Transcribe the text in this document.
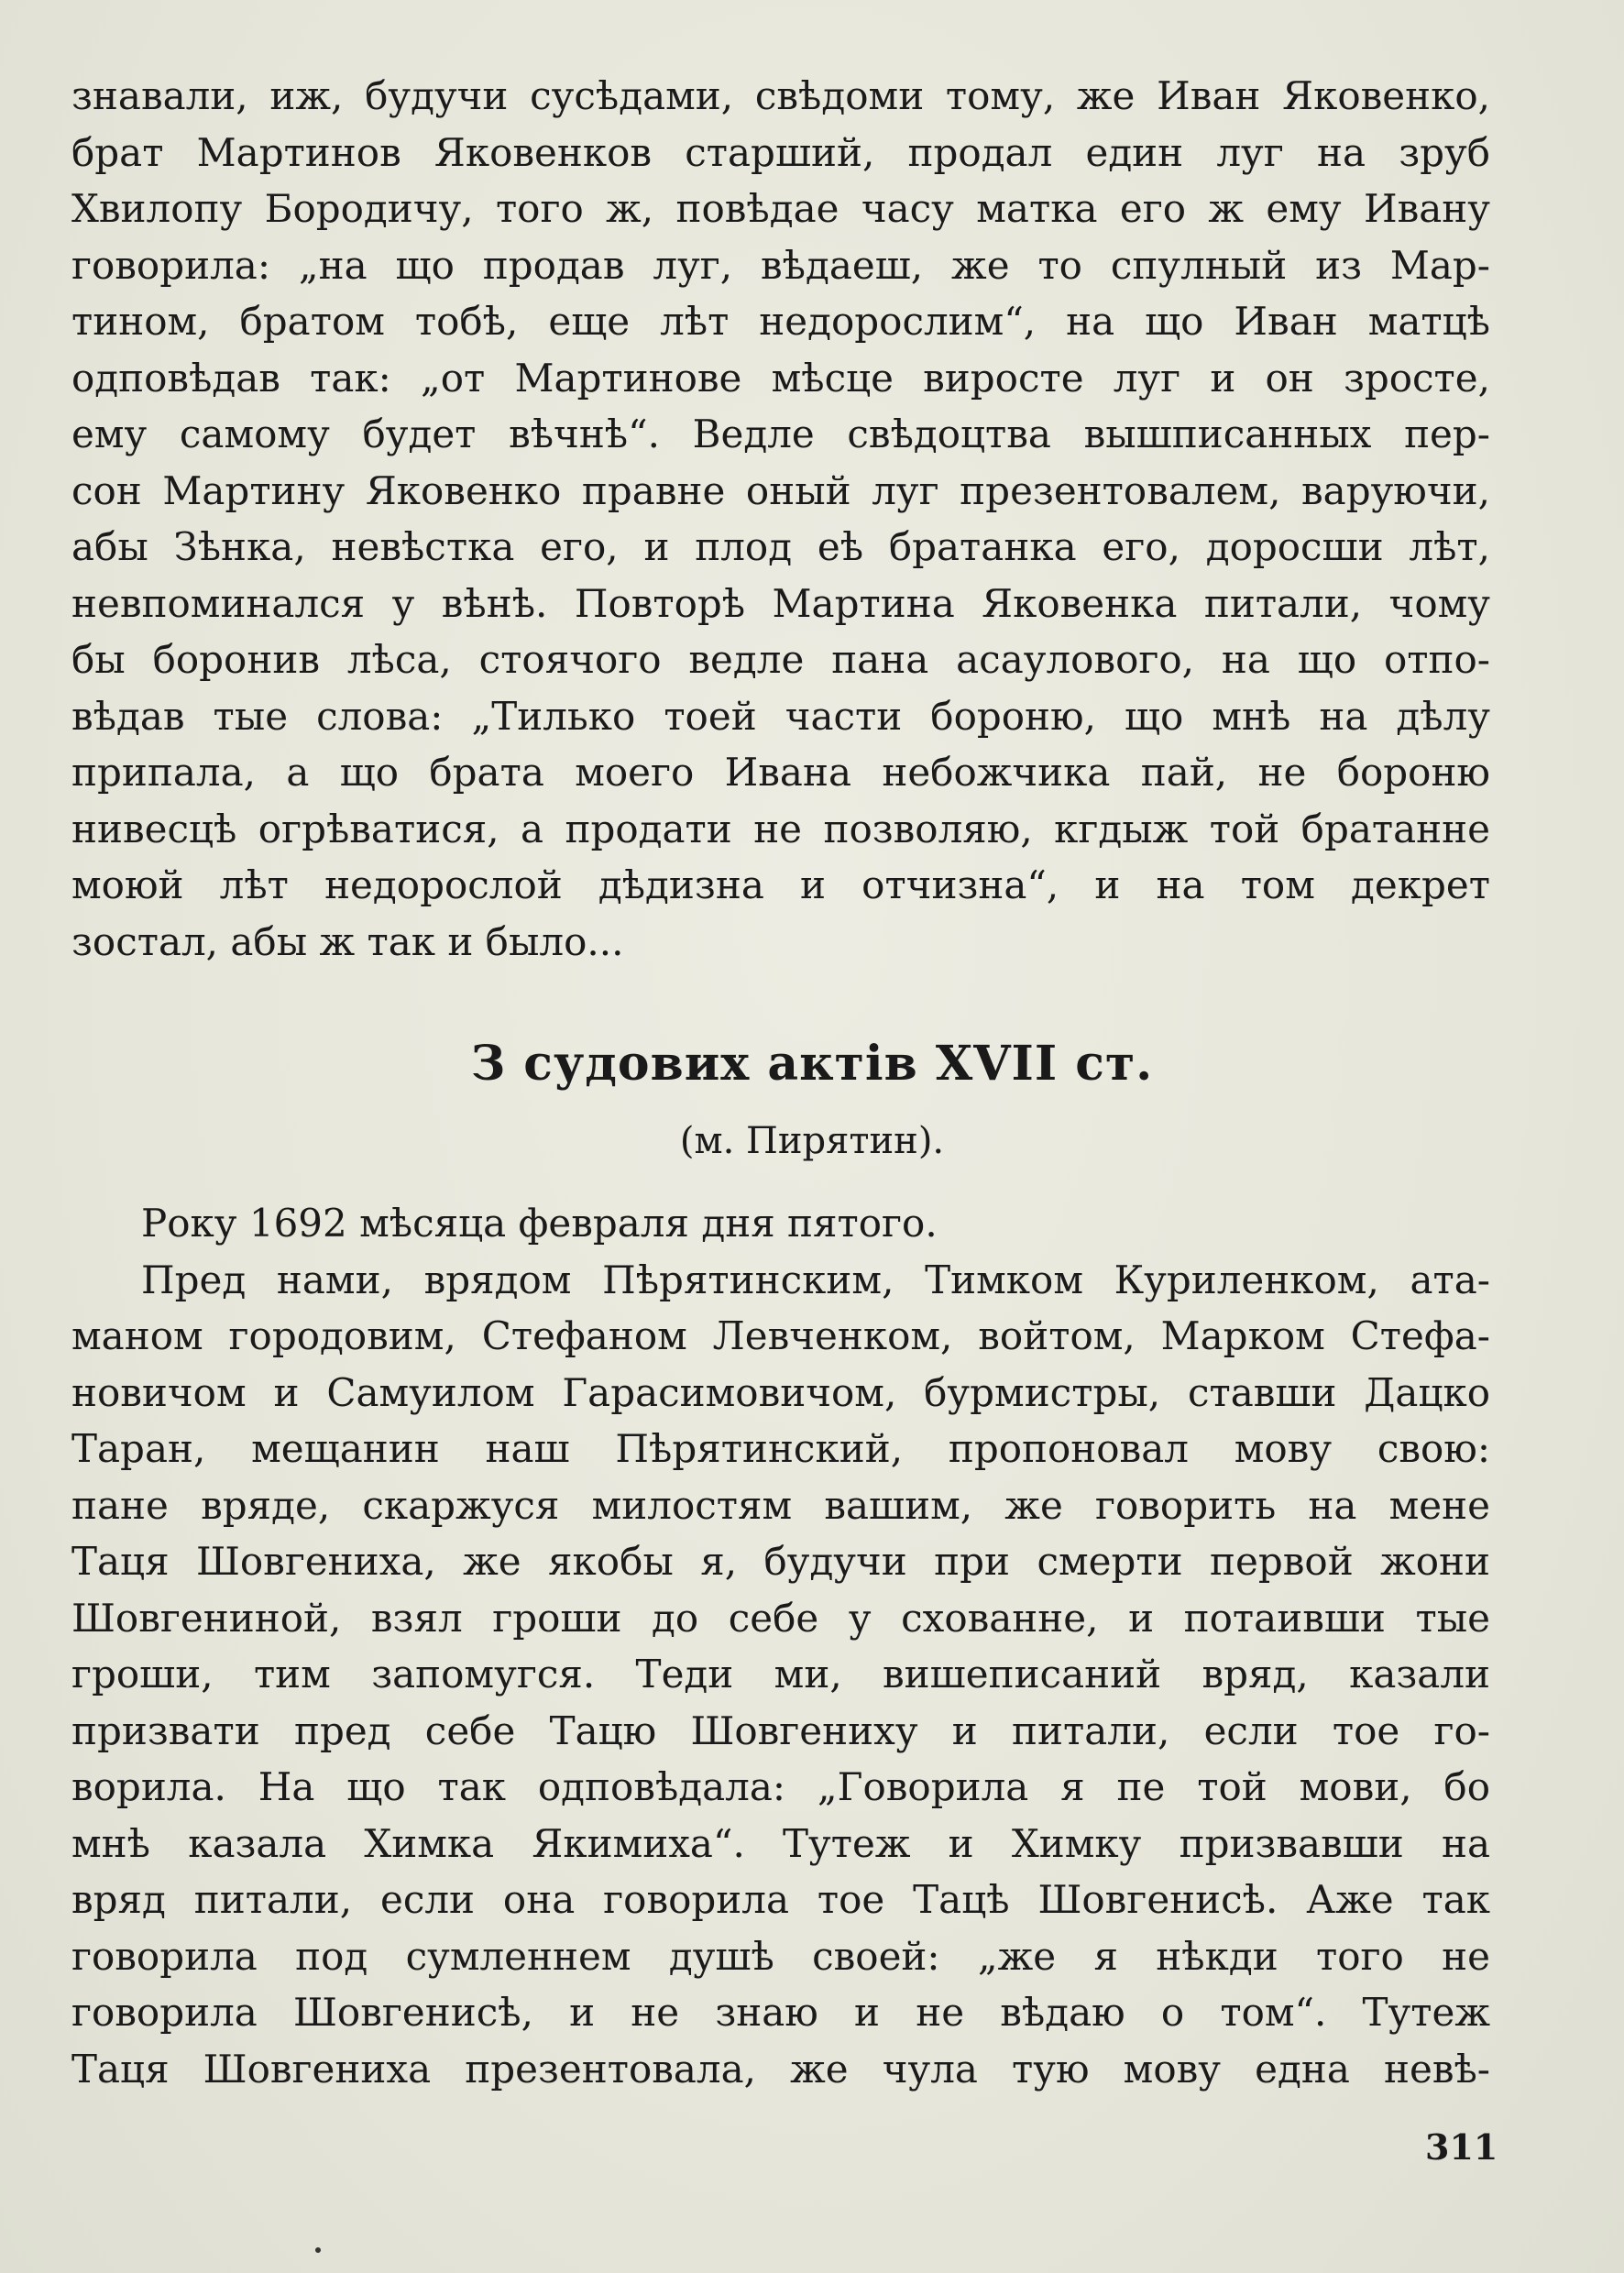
знавали, иж, будучи сусѣдами, свѣдоми тому, же Иван Яковенко,
брат Мартинов Яковенков старший, продал един луг на зруб
Хвилопу Бородичу, того ж, повѣдае часу матка его ж ему Ивану
говорила: „на що продав луг, вѣдаеш, же то спулный из Мар-
тином, братом тобѣ, еще лѣт недорослим“, на що Иван матцѣ
одповѣдав так: „от Мартинове мѣсце виросте луг и он зросте,
ему самому будет вѣчнѣ“. Ведле свѣдоцтва вышписанных пер-
сон Мартину Яковенко правне оный луг презентовалем, варуючи,
абы Зѣнка, невѣстка его, и плод еѣ братанка его, доросши лѣт,
невпоминался у вѣнѣ. Повторѣ Мартина Яковенка питали, чому
бы боронив лѣса, стоячого ведле пана асаулового, на що отпо-
вѣдав тые слова: „Тилько тоей части бороню, що мнѣ на дѣлу
припала, а що брата моего Ивана небожчика пай, не бороню
нивесцѣ огрѣватися, а продати не позволяю, кгдыж той братанне
моюй лѣт недорослой дѣдизна и отчизна“, и на том декрет
зостал, абы ж так и было...
З судових актів XVII ст.
(м. Пирятин).
Року 1692 мѣсяца февраля дня пятого.
Пред нами, врядом Пѣрятинским, Тимком Куриленком, ата-
маном городовим, Стефаном Левченком, войтом, Марком Стефа-
новичом и Самуилом Гарасимовичом, бурмистры, ставши Дацко
Таран, мещанин наш Пѣрятинский, пропоновал мову свою:
пане вряде, скаржуся милостям вашим, же говорить на мене
Таця Шовгениха, же якобы я, будучи при смерти первой жони
Шовгениной, взял гроши до себе у схованне, и потаивши тые
гроши, тим запомугся. Теди ми, вишеписаний вряд, казали
призвати пред себе Тацю Шовгениху и питали, если тое го-
ворила. На що так одповѣдала: „Говорила я пе той мови, бо
мнѣ казала Химка Якимиха“. Тутеж и Химку призвавши на
вряд питали, если она говорила тое Тацѣ Шовгенисѣ. Аже так
говорила под сумленнем душѣ своей: „же я нѣкди того не
говорила Шовгенисѣ, и не знаю и не вѣдаю о том“. Тутеж
Таця Шовгениха презентовала, же чула тую мову една невѣ-
311
